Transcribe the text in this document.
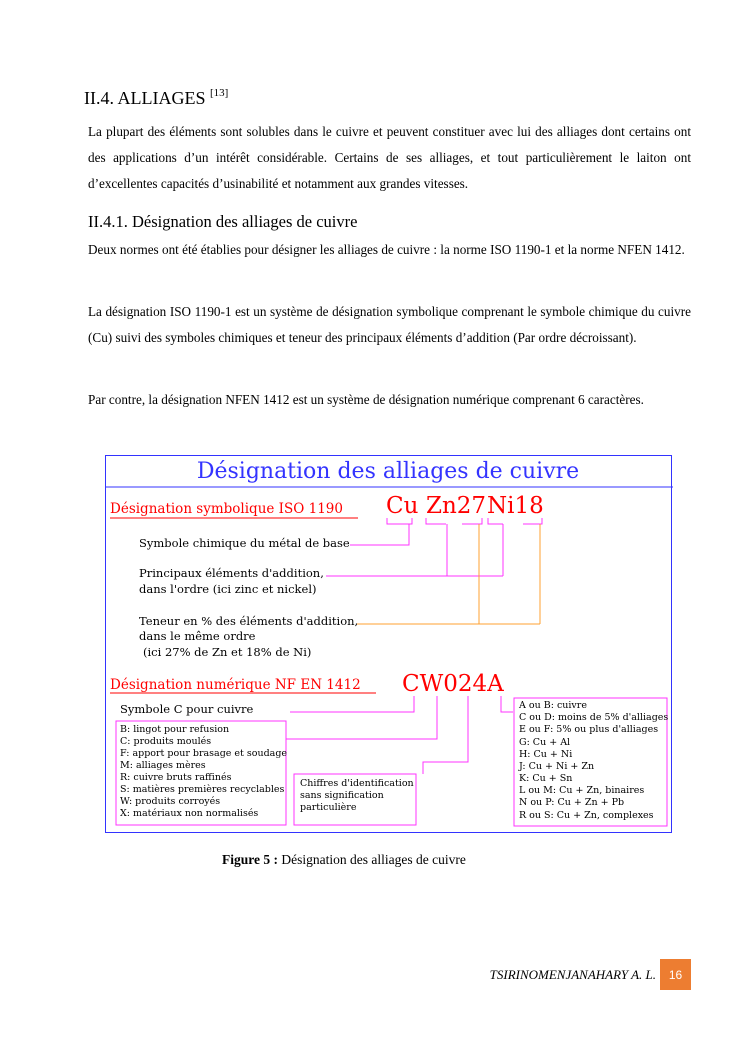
II.4. ALLIAGES [13]
La plupart des éléments sont solubles dans le cuivre et peuvent constituer avec lui des alliages dont certains ont des applications d’un intérêt considérable. Certains de ses alliages, et tout particulièrement le laiton ont d’excellentes capacités d’usinabilité et notamment aux grandes vitesses.
II.4.1. Désignation des alliages de cuivre
Deux normes ont été établies pour désigner les alliages de cuivre : la norme ISO 1190-1 et la norme NFEN 1412.
La désignation ISO 1190-1 est un système de désignation symbolique comprenant le symbole chimique du cuivre (Cu) suivi des symboles chimiques et teneur des principaux éléments d’addition (Par ordre décroissant).
Par contre, la désignation NFEN 1412 est un système de désignation numérique comprenant 6 caractères.
Désignation des alliages de cuivre
Désignation symbolique ISO 1190 Cu Zn27 Ni18
Symbole chimique du métal de base
Principaux éléments d'addition,
dans l'ordre (ici zinc et nickel)
Teneur en % des éléments d'addition,
dans le même ordre
(ici 27% de Zn et 18% de Ni)
Désignation numérique NF EN 1412 CW024A
Symbole C pour cuivre
B: lingot pour refusion
C: produits moulés
F: apport pour brasage et soudage
M: alliages mères
R: cuivre bruts raffinés
S: matières premières recyclables
W: produits corroyés
X: matériaux non normalisés
Chiffres d'identification
sans signification
particulière
A ou B: cuivre
C ou D: moins de 5% d'alliages
E ou F: 5% ou plus d'alliages
G: Cu + Al
H: Cu + Ni
J: Cu + Ni + Zn
K: Cu + Sn
L ou M: Cu + Zn, binaires
N ou P: Cu + Zn + Pb
R ou S: Cu + Zn, complexes
Figure 5 : Désignation des alliages de cuivre
TSIRINOMENJANAHARY A. L.	16
